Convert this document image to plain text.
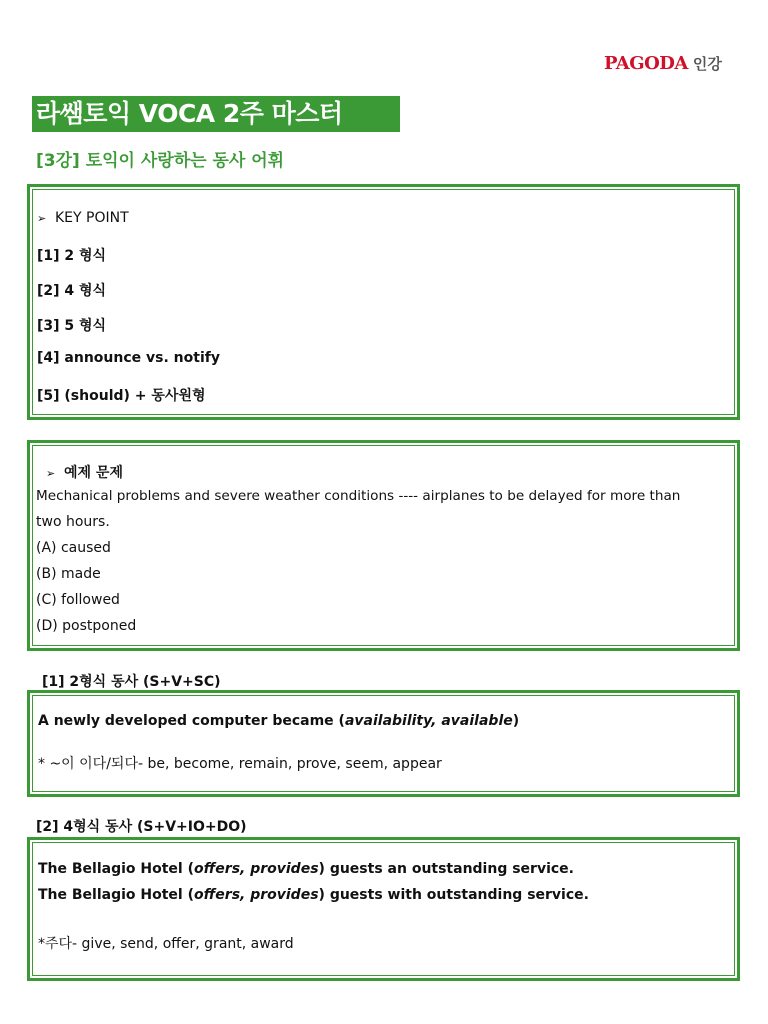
PAGODA 인강
라쌤토익 VOCA 2주 마스터
[3강] 토익이 사랑하는 동사 어휘
➢ KEY POINT
[1] 2 형식
[2] 4 형식
[3] 5 형식
[4] announce vs. notify
[5] (should) + 동사원형
➢ 예제 문제
Mechanical problems and severe weather conditions ---- airplanes to be delayed for more than
two hours.
(A) caused
(B) made
(C) followed
(D) postponed
[1] 2형식 동사 (S+V+SC)
A newly developed computer became (availability, available)
* ~이 이다/되다- be, become, remain, prove, seem, appear
[2] 4형식 동사 (S+V+IO+DO)
The Bellagio Hotel (offers, provides) guests an outstanding service.
The Bellagio Hotel (offers, provides) guests with outstanding service.
*주다- give, send, offer, grant, award
